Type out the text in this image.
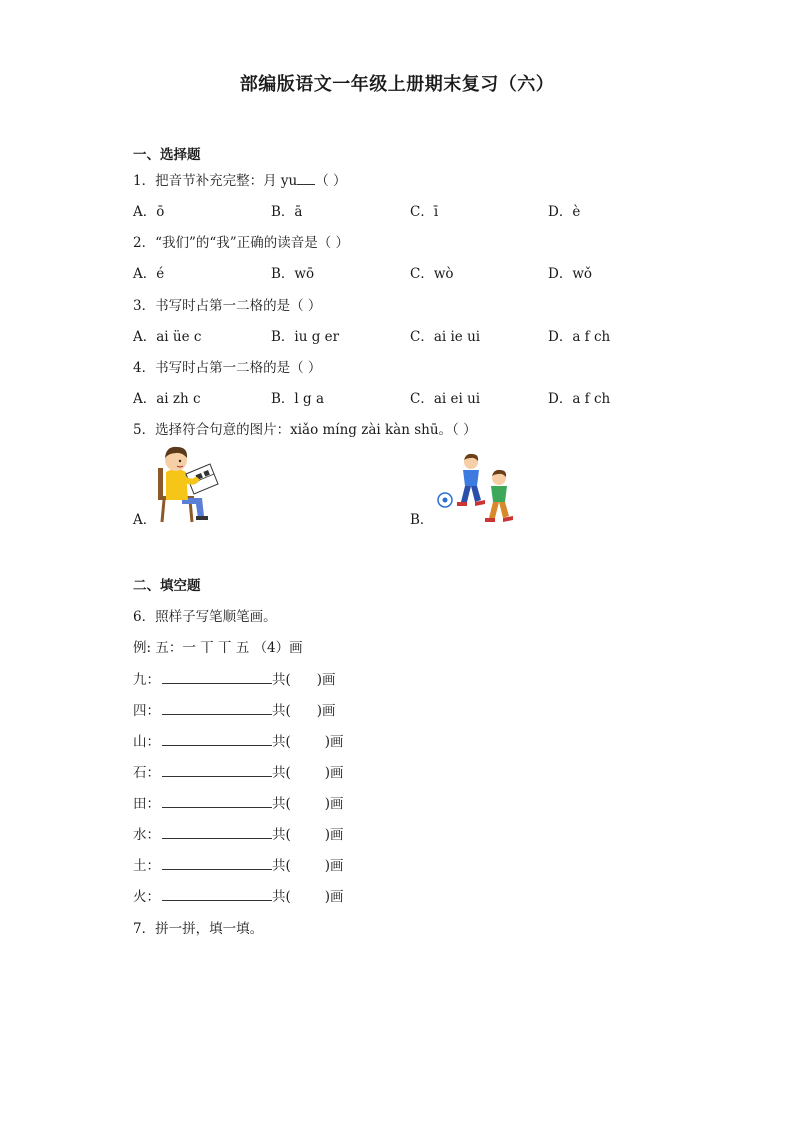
部编版语文一年级上册期末复习（六）
一、选择题
1．把音节补充完整：月 yu （ ）
A．ō	B．ā	C．ī	D．è
2．“我们”的“我”正确的读音是（ ）
A．é	B．wō	C．wò	D．wǒ
3．书写时占第一二格的是（ ）
A．ai üe c	B．iu g er	C．ai ie ui	D．a f ch
4．书写时占第一二格的是（ ）
A．ai zh c	B．l g a	C．ai ei ui	D．a f ch
5．选择符合句意的图片：xiǎo míng zài kàn shū。（ ）
A．	B．
二、填空题
6．照样子写笔顺笔画。
例: 五：一 丅 丅 五 （4）画
九：	共( )画
四：	共( )画
山：	共(	)画
石：	共(	)画
田：	共(	)画
水：	共(	)画
土：	共(	)画
火：	共(	)画
7．拼一拼，填一填。
